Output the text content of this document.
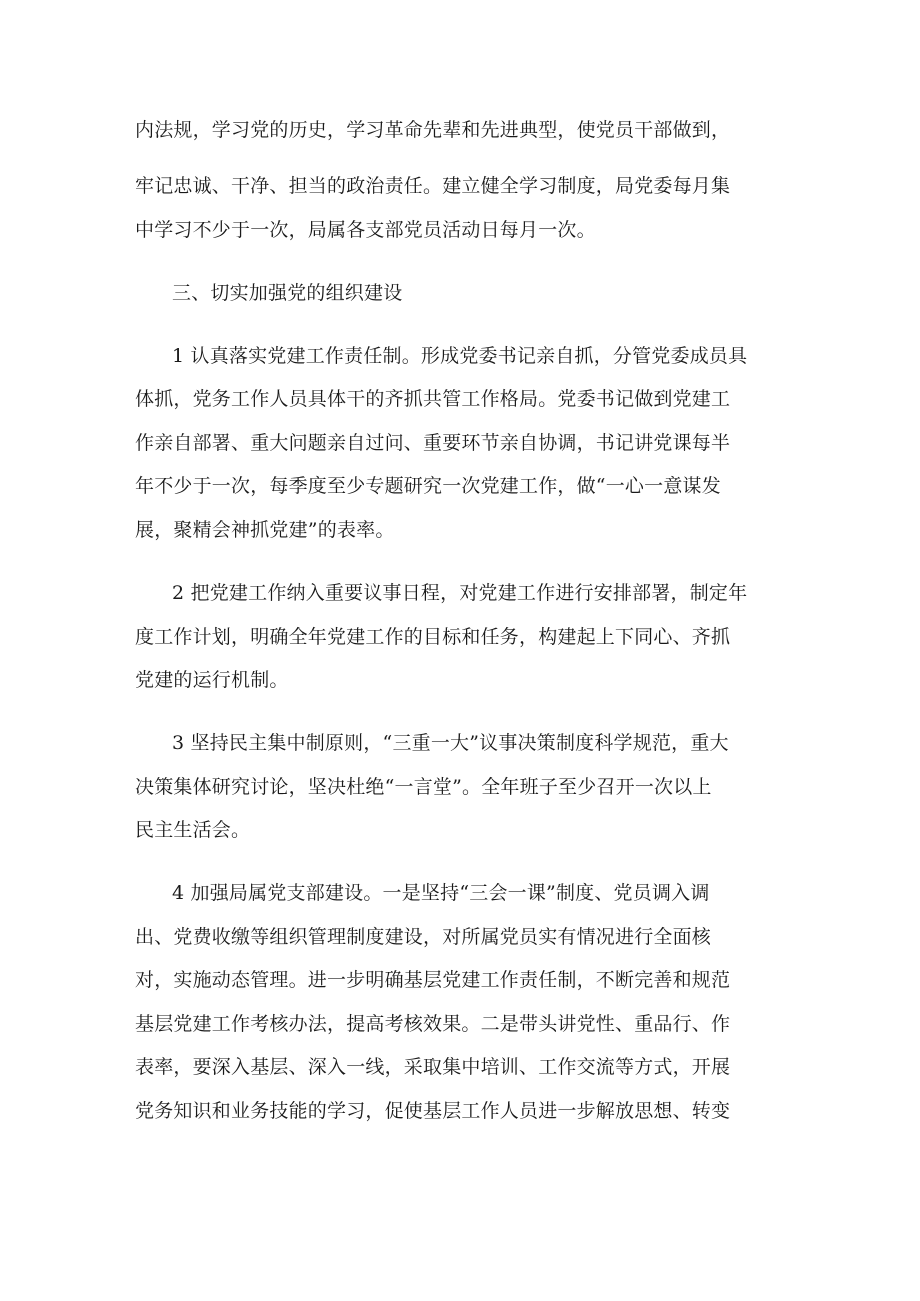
内法规，学习党的历史，学习革命先辈和先进典型，使党员干部做到，
牢记忠诚、干净、担当的政治责任。建立健全学习制度，局党委每月集
中学习不少于一次，局属各支部党员活动日每月一次。
三、切实加强党的组织建设
1 认真落实党建工作责任制。形成党委书记亲自抓，分管党委成员具
体抓，党务工作人员具体干的齐抓共管工作格局。党委书记做到党建工
作亲自部署、重大问题亲自过问、重要环节亲自协调，书记讲党课每半
年不少于一次，每季度至少专题研究一次党建工作，做“一心一意谋发
展，聚精会神抓党建”的表率。
2 把党建工作纳入重要议事日程，对党建工作进行安排部署，制定年
度工作计划，明确全年党建工作的目标和任务，构建起上下同心、齐抓
党建的运行机制。
3 坚持民主集中制原则，“三重一大”议事决策制度科学规范，重大
决策集体研究讨论，坚决杜绝“一言堂”。全年班子至少召开一次以上
民主生活会。
4 加强局属党支部建设。一是坚持“三会一课”制度、党员调入调
出、党费收缴等组织管理制度建设，对所属党员实有情况进行全面核
对，实施动态管理。进一步明确基层党建工作责任制，不断完善和规范
基层党建工作考核办法，提高考核效果。二是带头讲党性、重品行、作
表率，要深入基层、深入一线，采取集中培训、工作交流等方式，开展
党务知识和业务技能的学习，促使基层工作人员进一步解放思想、转变
